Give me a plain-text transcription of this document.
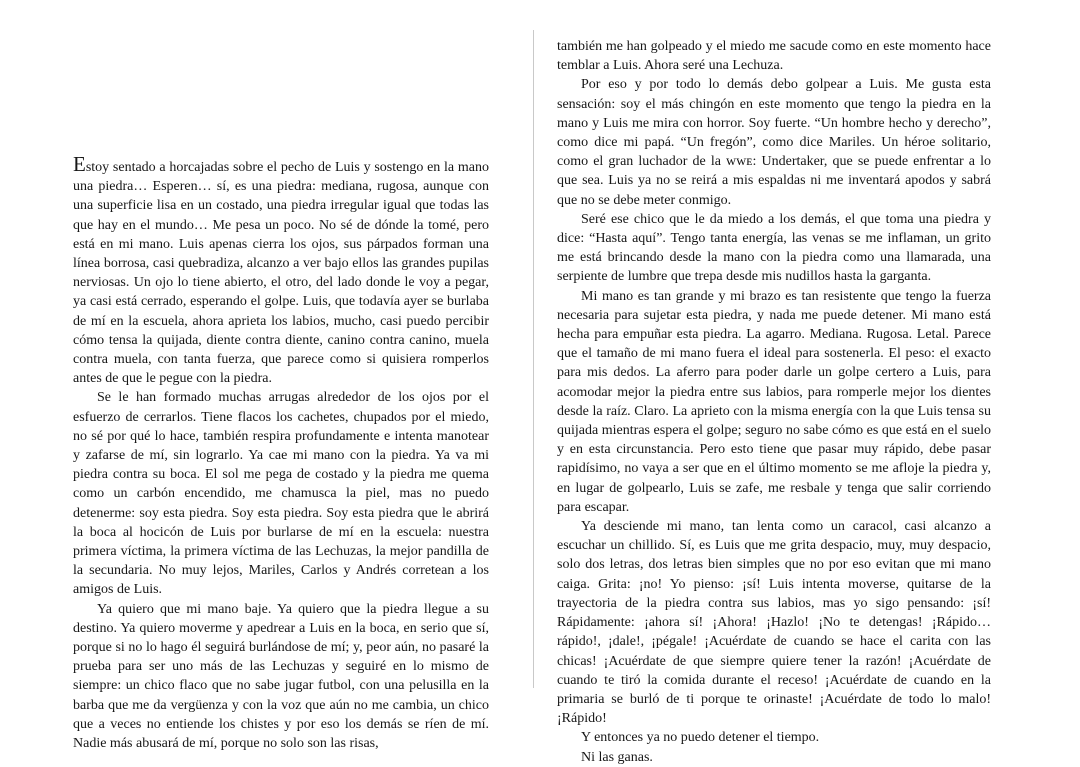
Estoy sentado a horcajadas sobre el pecho de Luis y sostengo en la mano una piedra… Esperen… sí, es una piedra: mediana, rugosa, aunque con una superficie lisa en un costado, una piedra irregular igual que todas las que hay en el mundo… Me pesa un poco. No sé de dónde la tomé, pero está en mi mano. Luis apenas cierra los ojos, sus párpados forman una línea borrosa, casi quebradiza, alcanzo a ver bajo ellos las grandes pupilas nerviosas. Un ojo lo tiene abierto, el otro, del lado donde le voy a pegar, ya casi está cerrado, esperando el golpe. Luis, que todavía ayer se burlaba de mí en la escuela, ahora aprieta los labios, mucho, casi puedo percibir cómo tensa la quijada, diente contra diente, canino contra canino, muela contra muela, con tanta fuerza, que parece como si quisiera romperlos antes de que le pegue con la piedra.

Se le han formado muchas arrugas alrededor de los ojos por el esfuerzo de cerrarlos. Tiene flacos los cachetes, chupados por el miedo, no sé por qué lo hace, también respira profundamente e intenta manotear y zafarse de mí, sin lograrlo. Ya cae mi mano con la piedra. Ya va mi piedra contra su boca. El sol me pega de costado y la piedra me quema como un carbón encendido, me chamusca la piel, mas no puedo detenerme: soy esta piedra. Soy esta piedra. Soy esta piedra que le abrirá la boca al hocicón de Luis por burlarse de mí en la escuela: nuestra primera víctima, la primera víctima de las Lechuzas, la mejor pandilla de la secundaria. No muy lejos, Mariles, Carlos y Andrés corretean a los amigos de Luis.

Ya quiero que mi mano baje. Ya quiero que la piedra llegue a su destino. Ya quiero moverme y apedrear a Luis en la boca, en serio que sí, porque si no lo hago él seguirá burlándose de mí; y, peor aún, no pasaré la prueba para ser uno más de las Lechuzas y seguiré en lo mismo de siempre: un chico flaco que no sabe jugar futbol, con una pelusilla en la barba que me da vergüenza y con la voz que aún no me cambia, un chico que a veces no entiende los chistes y por eso los demás se ríen de mí. Nadie más abusará de mí, porque no solo son las risas,

también me han golpeado y el miedo me sacude como en este momento hace temblar a Luis. Ahora seré una Lechuza.

Por eso y por todo lo demás debo golpear a Luis. Me gusta esta sensación: soy el más chingón en este momento que tengo la piedra en la mano y Luis me mira con horror. Soy fuerte. “Un hombre hecho y derecho”, como dice mi papá. “Un fregón”, como dice Mariles. Un héroe solitario, como el gran luchador de la ᴡᴡᴇ: Undertaker, que se puede enfrentar a lo que sea. Luis ya no se reirá a mis espaldas ni me inventará apodos y sabrá que no se debe meter conmigo.

Seré ese chico que le da miedo a los demás, el que toma una piedra y dice: “Hasta aquí”. Tengo tanta energía, las venas se me inflaman, un grito me está brincando desde la mano con la piedra como una llamarada, una serpiente de lumbre que trepa desde mis nudillos hasta la garganta.

Mi mano es tan grande y mi brazo es tan resistente que tengo la fuerza necesaria para sujetar esta piedra, y nada me puede detener. Mi mano está hecha para empuñar esta piedra. La agarro. Mediana. Rugosa. Letal. Parece que el tamaño de mi mano fuera el ideal para sostenerla. El peso: el exacto para mis dedos. La aferro para poder darle un golpe certero a Luis, para acomodar mejor la piedra entre sus labios, para romperle mejor los dientes desde la raíz. Claro. La aprieto con la misma energía con la que Luis tensa su quijada mientras espera el golpe; seguro no sabe cómo es que está en el suelo y en esta circunstancia. Pero esto tiene que pasar muy rápido, debe pasar rapidísimo, no vaya a ser que en el último momento se me afloje la piedra y, en lugar de golpearlo, Luis se zafe, me resbale y tenga que salir corriendo para escapar.

Ya desciende mi mano, tan lenta como un caracol, casi alcanzo a escuchar un chillido. Sí, es Luis que me grita despacio, muy, muy despacio, solo dos letras, dos letras bien simples que no por eso evitan que mi mano caiga. Grita: ¡no! Yo pienso: ¡sí! Luis intenta moverse, quitarse de la trayectoria de la piedra contra sus labios, mas yo sigo pensando: ¡sí! Rápidamente: ¡ahora sí! ¡Ahora! ¡Hazlo! ¡No te detengas! ¡Rápido… rápido!, ¡dale!, ¡pégale! ¡Acuérdate de cuando se hace el carita con las chicas! ¡Acuérdate de que siempre quiere tener la razón! ¡Acuérdate de cuando te tiró la comida durante el receso! ¡Acuérdate de cuando en la primaria se burló de ti porque te orinaste! ¡Acuérdate de todo lo malo! ¡Rápido!

Y entonces ya no puedo detener el tiempo.

Ni las ganas.
